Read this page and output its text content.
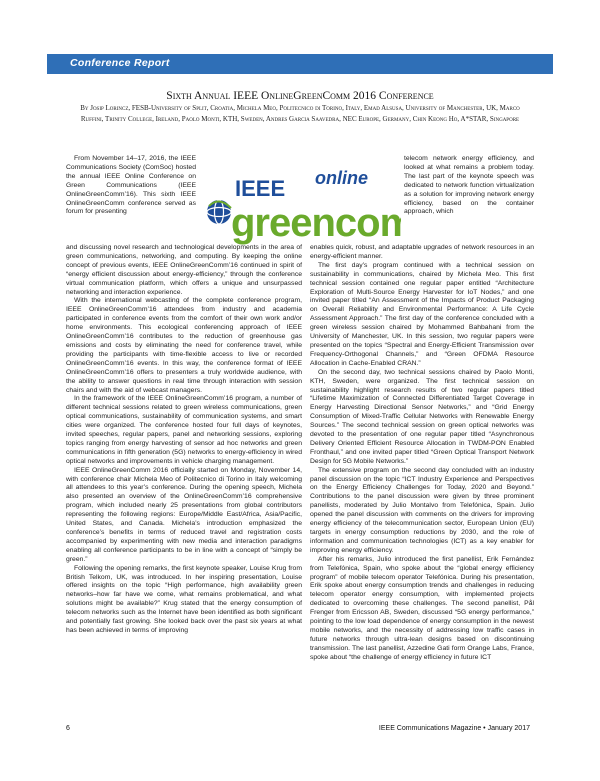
Conference Report
Sixth Annual IEEE OnlineGreenComm 2016 Conference
By Josip Lorincz, FESB-University of Split, Croatia, Michela Meo, Politecnico di Torino, Italy, Emad Alsusa, University of Manchester, UK, Marco Ruffini, Trinity College, Ireland, Paolo Monti, KTH, Sweden, Andres Garcia Saavedra, NEC Europe, Germany, Chin Keong Ho, A*STAR, Singapore
IEEE online
greencom

From November 14–17, 2016, the IEEE Communications Society (ComSoc) hosted the annual IEEE Online Conference on Green Communications (IEEE OnlineGreenComm’16). This sixth IEEE OnlineGreenComm conference served as forum for presenting

and discussing novel research and technological developments in the area of green communications, networking, and computing. By keeping the online concept of previous events, IEEE OnlineGreenComm’16 continued in spirit of “energy efficient discussion about energy-efficiency,” through the conference virtual communication platform, which offers a unique and unsurpassed networking and interaction experience.

With the international webcasting of the complete conference program, IEEE OnlineGreenComm’16 attendees from industry and academia participated in conference events from the comfort of their own work and/or home environments. This ecological conferencing approach of IEEE OnlineGreenComm’16 contributes to the reduction of greenhouse gas emissions and costs by eliminating the need for conference travel, while providing the participants with time-flexible access to live or recorded OnlineGreenComm’16 events. In this way, the conference format of IEEE OnlineGreenComm’16 offers to presenters a truly worldwide audience, with the ability to answer questions in real time through interaction with session chairs and with the aid of webcast managers.

In the framework of the IEEE OnlineGreenComm’16 program, a number of different technical sessions related to green wireless communications, green optical communications, sustainability of communication systems, and smart cities were organized. The conference hosted four full days of keynotes, invited speeches, regular papers, panel and networking sessions, exploring topics ranging from energy harvesting of sensor ad hoc networks and green communications in fifth generation (5G) networks to energy-efficiency in wired optical networks and improvements in vehicle charging management.

IEEE OnlineGreenComm 2016 officially started on Monday, November 14, with conference chair Michela Meo of Politecnico di Torino in Italy welcoming all attendees to this year’s conference. During the opening speech, Michela also presented an overview of the OnlineGreenComm’16 comprehensive program, which included nearly 25 presentations from global contributors representing the following regions: Europe/Middle East/Africa, Asia/Pacific, United States, and Canada. Michela’s introduction emphasized the conference’s benefits in terms of reduced travel and registration costs accompanied by experimenting with new media and interaction paradigms enabling all conference participants to be in line with a concept of “simply be green.”

Following the opening remarks, the first keynote speaker, Louise Krug from British Telkom, UK, was introduced. In her inspiring presentation, Louise offered insights on the topic “High performance, high availability green networks–how far have we come, what remains problematical, and what solutions might be available?” Krug stated that the energy consumption of telecom networks such as the Internet have been identified as both significant and potentially fast growing. She looked back over the past six years at what has been achieved in terms of improving

telecom network energy efficiency, and looked at what remains a problem today. The last part of the keynote speech was dedicated to network function virtualization as a solution for improving network energy efficiency, based on the container approach, which

enables quick, robust, and adaptable upgrades of network resources in an energy-efficient manner.

The first day’s program continued with a technical session on sustainability in communications, chaired by Michela Meo. This first technical session contained one regular paper entitled “Architecture Exploration of Multi-Source Energy Harvester for IoT Nodes,” and one invited paper titled “An Assessment of the Impacts of Product Packaging on Overall Reliability and Environmental Performance: A Life Cycle Assessment Approach.” The first day of the conference concluded with a green wireless session chaired by Mohammed Bahbahani from the University of Manchester, UK. In this session, two regular papers were presented on the topics “Spectral and Energy-Efficient Transmission over Frequency-Orthogonal Channels,” and “Green OFDMA Resource Allocation in Cache-Enabled CRAN.”

On the second day, two technical sessions chaired by Paolo Monti, KTH, Sweden, were organized. The first technical session on sustainability highlight research results of two regular papers titled “Lifetime Maximization of Connected Differentiated Target Coverage in Energy Harvesting Directional Sensor Networks,” and “Grid Energy Consumption of Mixed-Traffic Cellular Networks with Renewable Energy Sources.” The second technical session on green optical networks was devoted to the presentation of one regular paper titled “Asynchronous Delivery Oriented Efficient Resource Allocation in TWDM-PON Enabled Fronthaul,” and one invited paper titled “Green Optical Transport Network Design for 5G Mobile Networks.”

The extensive program on the second day concluded with an industry panel discussion on the topic “ICT Industry Experience and Perspectives on the Energy Efficiency Challenges for Today, 2020 and Beyond.” Contributions to the panel discussion were given by three prominent panellists, moderated by Julio Montalvo from Telefónica, Spain. Julio opened the panel discussion with comments on the drivers for improving energy efficiency of the telecommunication sector, European Union (EU) targets in energy consumption reductions by 2030, and the role of information and communication technologies (ICT) as a key enabler for improving energy efficiency.

After his remarks, Julio introduced the first panellist, Erik Fernández from Telefónica, Spain, who spoke about the “global energy efficiency program” of mobile telecom operator Telefónica. During his presentation, Erik spoke about energy consumption trends and challenges in reducing telecom operator energy consumption, with implemented projects dedicated to overcoming these challenges. The second panellist, Pål Frenger from Ericsson AB, Sweden, discussed “5G energy performance,” pointing to the low load dependence of energy consumption in the newest mobile networks, and the necessity of addressing low traffic cases in future networks through ultra-lean designs based on discontinuing transmission. The last panellist, Azzedine Gati form Orange Labs, France, spoke about “the challenge of energy efficiency in future ICT

6	IEEE Communications Magazine • January 2017
